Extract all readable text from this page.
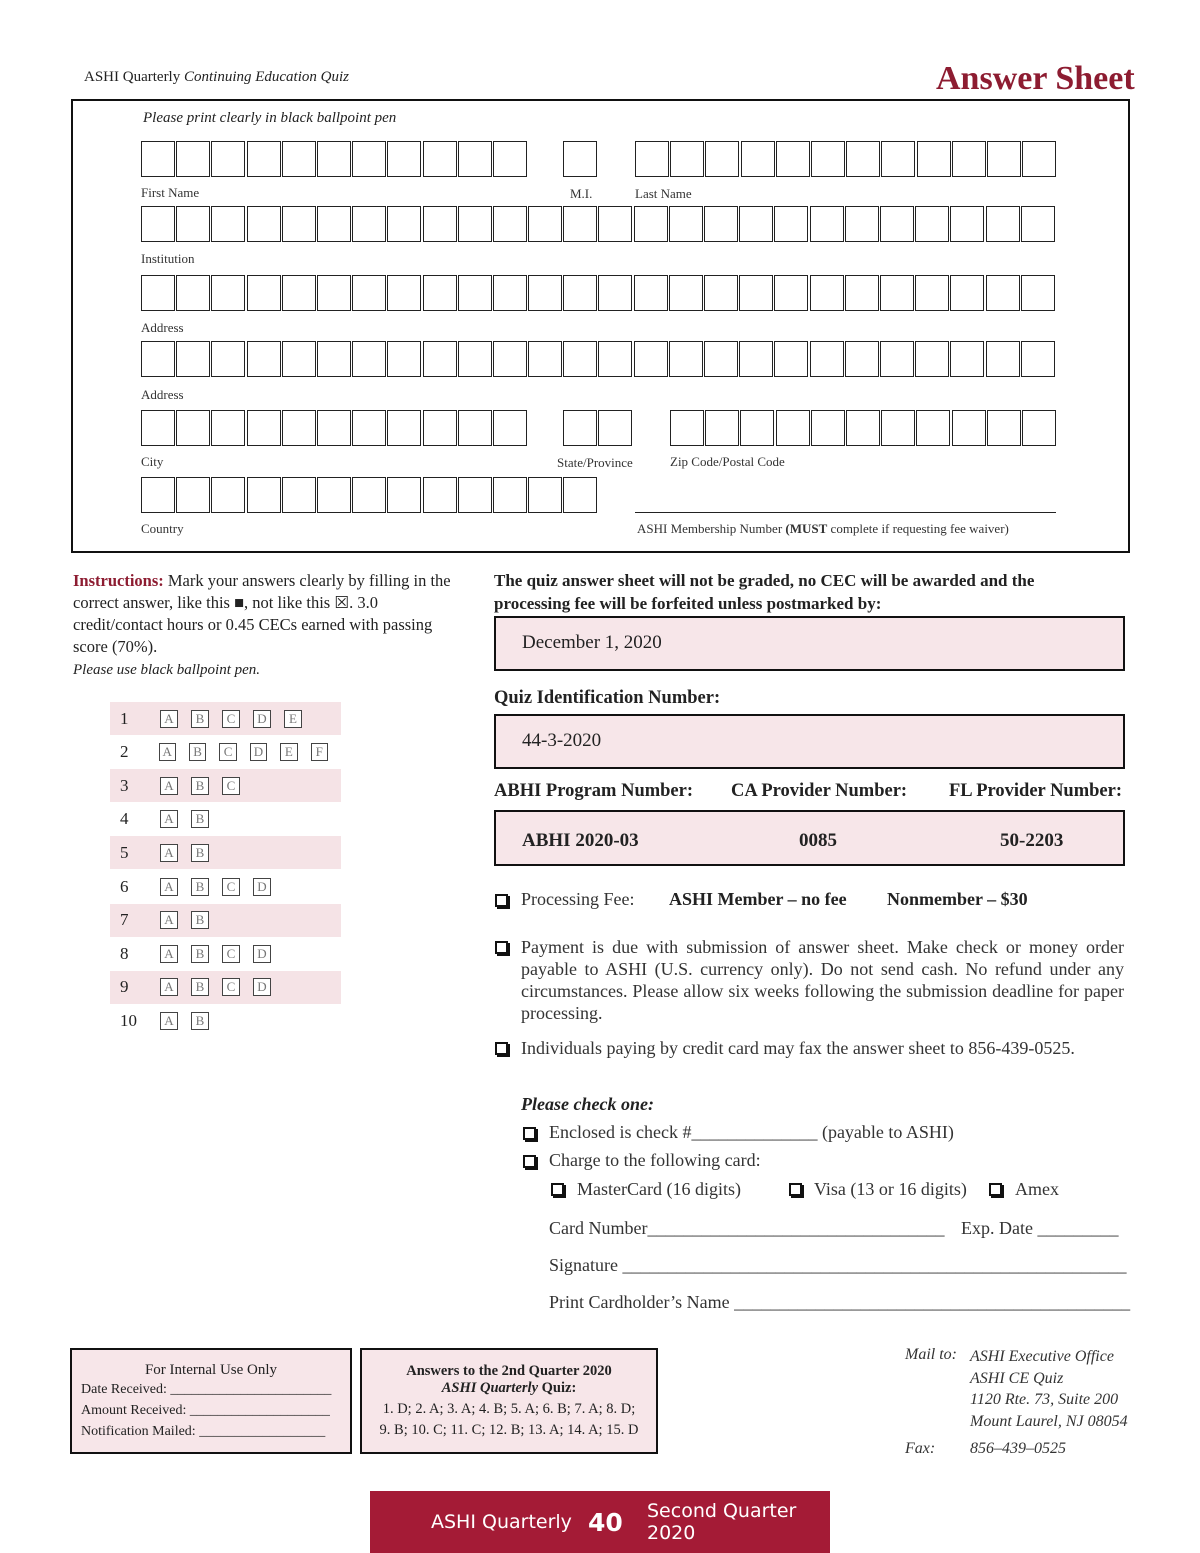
ASHI Quarterly Continuing Education Quiz	Answer Sheet
Please print clearly in black ballpoint pen
First Name	M.I.	Last Name
Institution
Address
Address
City	State/Province	Zip Code/Postal Code
Country	ASHI Membership Number (MUST complete if requesting fee waiver)
Instructions: Mark your answers clearly by filling in the correct answer, like this ■, not like this ☒. 3.0 credit/contact hours or 0.45 CECs earned with passing score (70%).
Please use black ballpoint pen.
1	A	B	C	D	E
2	A	B	C	D	E	F
3	A	B	C
4	A	B
5	A	B
6	A	B	C	D
7	A	B
8	A	B	C	D
9	A	B	C	D
10	A	B
The quiz answer sheet will not be graded, no CEC will be awarded and the processing fee will be forfeited unless postmarked by:
December 1, 2020
Quiz Identification Number:
44-3-2020
ABHI Program Number: CA Provider Number: FL Provider Number:
ABHI 2020-03	0085	50-2203
Processing Fee: ASHI Member – no fee Nonmember – $30
Payment is due with submission of answer sheet. Make check or money order payable to ASHI (U.S. currency only). Do not send cash. No refund under any circumstances. Please allow six weeks following the submission deadline for paper processing.
Individuals paying by credit card may fax the answer sheet to 856-439-0525.
Please check one:
Enclosed is check #______________ (payable to ASHI)
Charge to the following card:
MasterCard (16 digits)	Visa (13 or 16 digits)	Amex
Card Number_________________________________ Exp. Date _________
Signature ________________________________________________________
Print Cardholder’s Name ____________________________________________
For Internal Use Only
Date Received: _______________________
Amount Received: ____________________
Notification Mailed: __________________
Answers to the 2nd Quarter 2020
ASHI Quarterly Quiz:
1. D; 2. A; 3. A; 4. B; 5. A; 6. B; 7. A; 8. D;
9. B; 10. C; 11. C; 12. B; 13. A; 14. A; 15. D
Mail to: ASHI Executive Office
ASHI CE Quiz
1120 Rte. 73, Suite 200
Mount Laurel, NJ 08054
Fax: 856–439–0525
ASHI Quarterly 40 Second Quarter 2020
